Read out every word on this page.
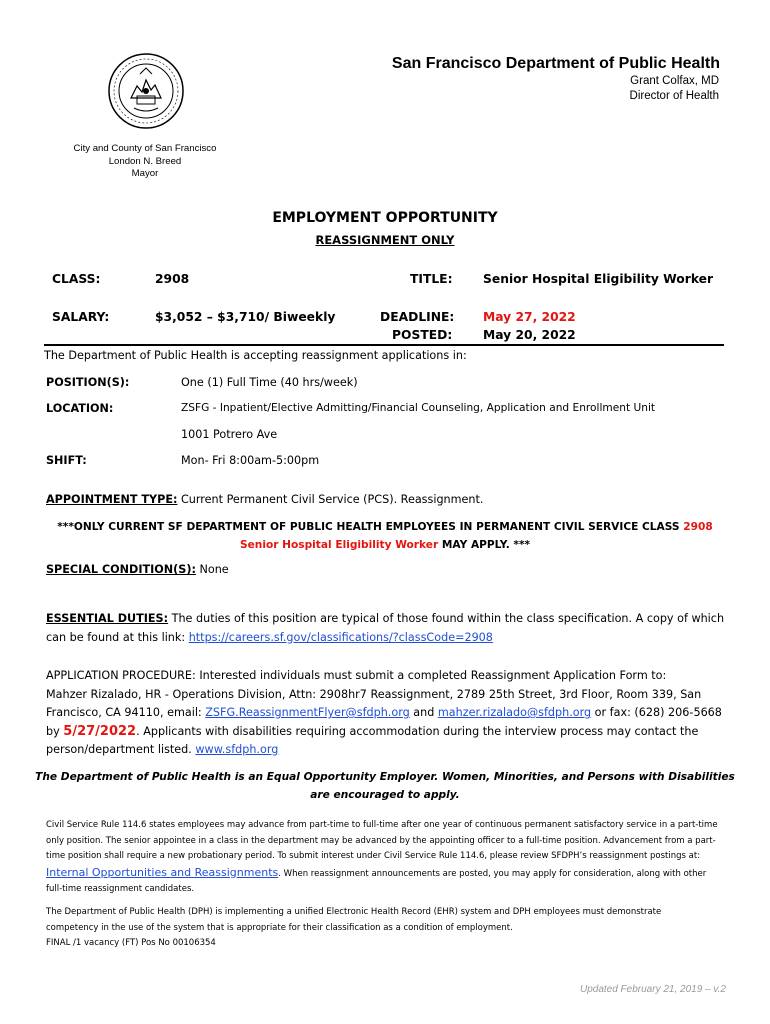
San Francisco Department of Public Health
Grant Colfax, MD
Director of Health
City and County of San Francisco
London N. Breed
Mayor
EMPLOYMENT OPPORTUNITY
REASSIGNMENT ONLY
CLASS:	2908	TITLE: Senior Hospital Eligibility Worker
SALARY:	$3,052 – $3,710/ Biweekly	DEADLINE: May 27, 2022
POSTED:	May 20, 2022
The Department of Public Health is accepting reassignment applications in:
POSITION(S):	One (1) Full Time (40 hrs/week)
LOCATION:	ZSFG - Inpatient/Elective Admitting/Financial Counseling, Application and Enrollment Unit
1001 Potrero Ave
SHIFT:	Mon- Fri 8:00am-5:00pm
APPOINTMENT TYPE: Current Permanent Civil Service (PCS). Reassignment.
***ONLY CURRENT SF DEPARTMENT OF PUBLIC HEALTH EMPLOYEES IN PERMANENT CIVIL SERVICE CLASS 2908
Senior Hospital Eligibility Worker MAY APPLY. ***
SPECIAL CONDITION(S): None
ESSENTIAL DUTIES: The duties of this position are typical of those found within the class specification. A copy of which can be found at this link: https://careers.sf.gov/classifications/?classCode=2908
APPLICATION PROCEDURE: Interested individuals must submit a completed Reassignment Application Form to:
Mahzer Rizalado, HR - Operations Division, Attn: 2908hr7 Reassignment, 2789 25th Street, 3rd Floor, Room 339, San Francisco, CA 94110, email: ZSFG.ReassignmentFlyer@sfdph.org and mahzer.rizalado@sfdph.org or fax: (628) 206-5668 by 5/27/2022. Applicants with disabilities requiring accommodation during the interview process may contact the person/department listed. www.sfdph.org
The Department of Public Health is an Equal Opportunity Employer. Women, Minorities, and Persons with Disabilities
are encouraged to apply.
Civil Service Rule 114.6 states employees may advance from part-time to full-time after one year of continuous permanent satisfactory service in a part-time only position. The senior appointee in a class in the department may be advanced by the appointing officer to a full-time position. Advancement from a part-time position shall require a new probationary period. To submit interest under Civil Service Rule 114.6, please review SFDPH’s reassignment postings at: Internal Opportunities and Reassignments. When reassignment announcements are posted, you may apply for consideration, along with other full-time reassignment candidates.
The Department of Public Health (DPH) is implementing a unified Electronic Health Record (EHR) system and DPH employees must demonstrate
competency in the use of the system that is appropriate for their classification as a condition of employment.
FINAL /1 vacancy (FT) Pos No 00106354
Updated February 21, 2019 – v.2
